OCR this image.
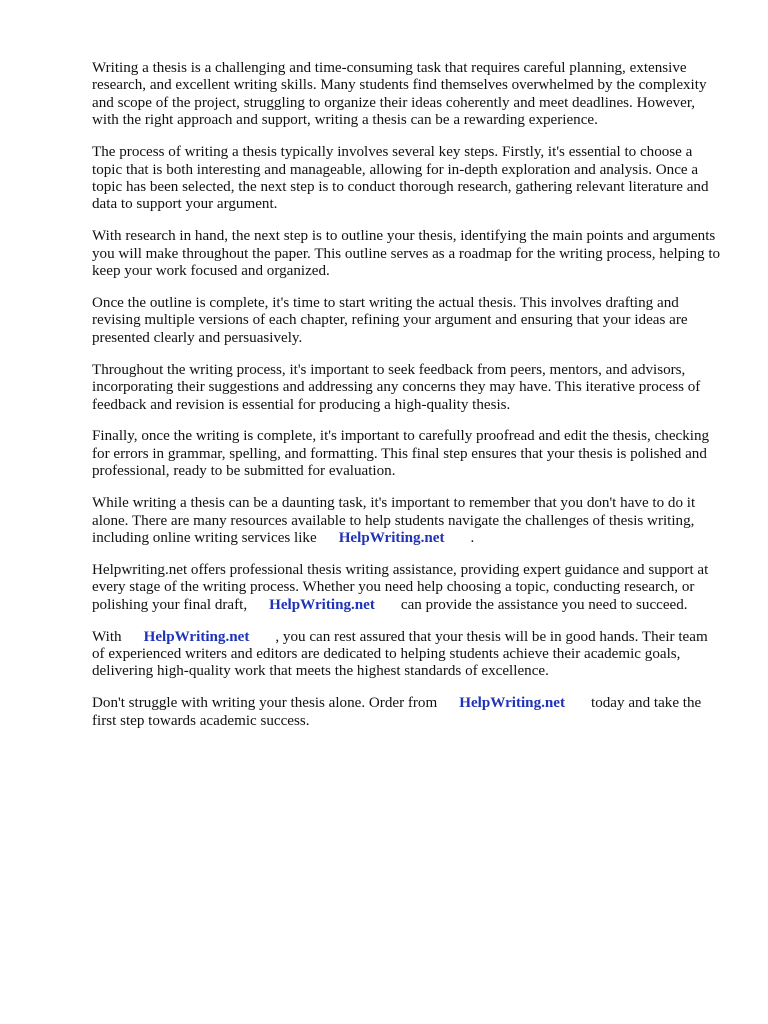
Writing a thesis is a challenging and time-consuming task that requires careful planning, extensive research, and excellent writing skills. Many students find themselves overwhelmed by the complexity and scope of the project, struggling to organize their ideas coherently and meet deadlines. However, with the right approach and support, writing a thesis can be a rewarding experience.

The process of writing a thesis typically involves several key steps. Firstly, it's essential to choose a topic that is both interesting and manageable, allowing for in-depth exploration and analysis. Once a topic has been selected, the next step is to conduct thorough research, gathering relevant literature and data to support your argument.

With research in hand, the next step is to outline your thesis, identifying the main points and arguments you will make throughout the paper. This outline serves as a roadmap for the writing process, helping to keep your work focused and organized.

Once the outline is complete, it's time to start writing the actual thesis. This involves drafting and revising multiple versions of each chapter, refining your argument and ensuring that your ideas are presented clearly and persuasively.

Throughout the writing process, it's important to seek feedback from peers, mentors, and advisors, incorporating their suggestions and addressing any concerns they may have. This iterative process of feedback and revision is essential for producing a high-quality thesis.

Finally, once the writing is complete, it's important to carefully proofread and edit the thesis, checking for errors in grammar, spelling, and formatting. This final step ensures that your thesis is polished and professional, ready to be submitted for evaluation.

While writing a thesis can be a daunting task, it's important to remember that you don't have to do it alone. There are many resources available to help students navigate the challenges of thesis writing, including online writing services like HelpWriting.net .

Helpwriting.net offers professional thesis writing assistance, providing expert guidance and support at every stage of the writing process. Whether you need help choosing a topic, conducting research, or polishing your final draft, HelpWriting.net can provide the assistance you need to succeed.

With HelpWriting.net , you can rest assured that your thesis will be in good hands. Their team of experienced writers and editors are dedicated to helping students achieve their academic goals, delivering high-quality work that meets the highest standards of excellence.

Don't struggle with writing your thesis alone. Order from HelpWriting.net today and take the first step towards academic success.
